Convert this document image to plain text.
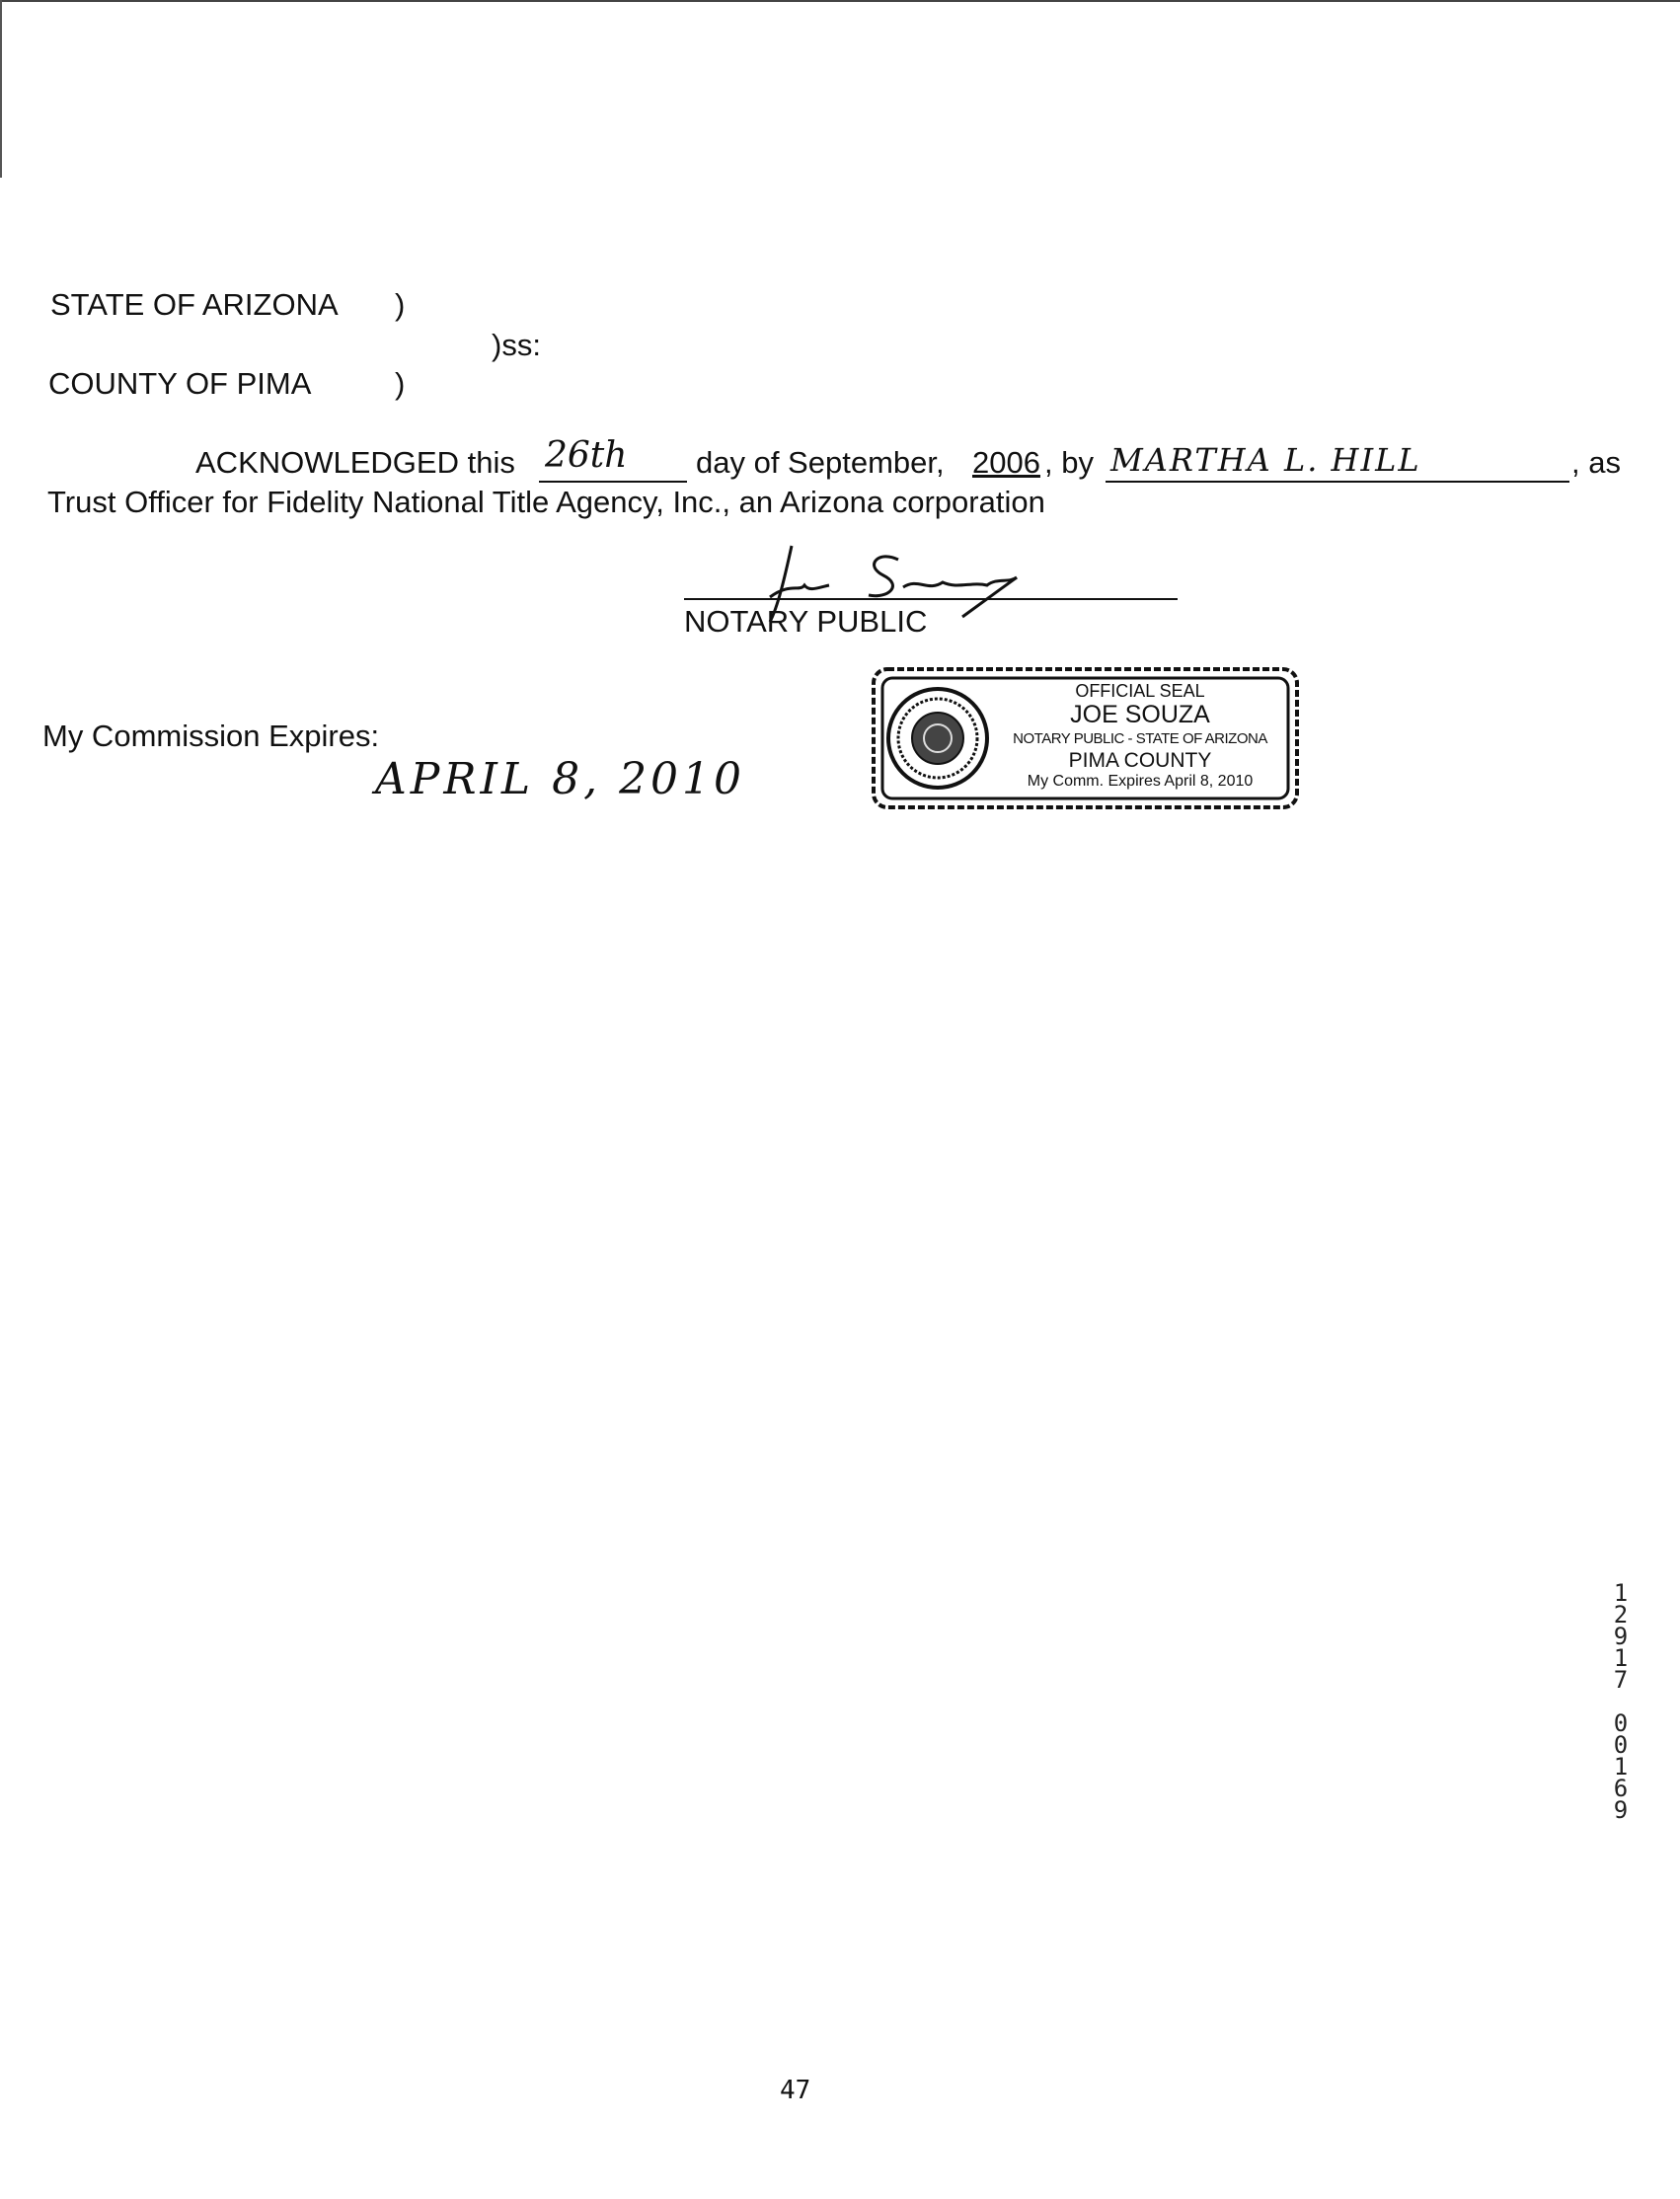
STATE OF ARIZONA )
)ss:
COUNTY OF PIMA	)
ACKNOWLEDGED this 26th day of September, 2006 , by MARTHA L. HILL	, as
Trust Officer for Fidelity National Title Agency, Inc., an Arizona corporation
NOTARY PUBLIC
My Commission Expires:
APRIL 8, 2010
OFFICIAL SEAL
JOE SOUZA
NOTARY PUBLIC - STATE OF ARIZONA
PIMA COUNTY
My Comm. Expires April 8, 2010
1
2
9
1
7
0
0
1
6
9
47
